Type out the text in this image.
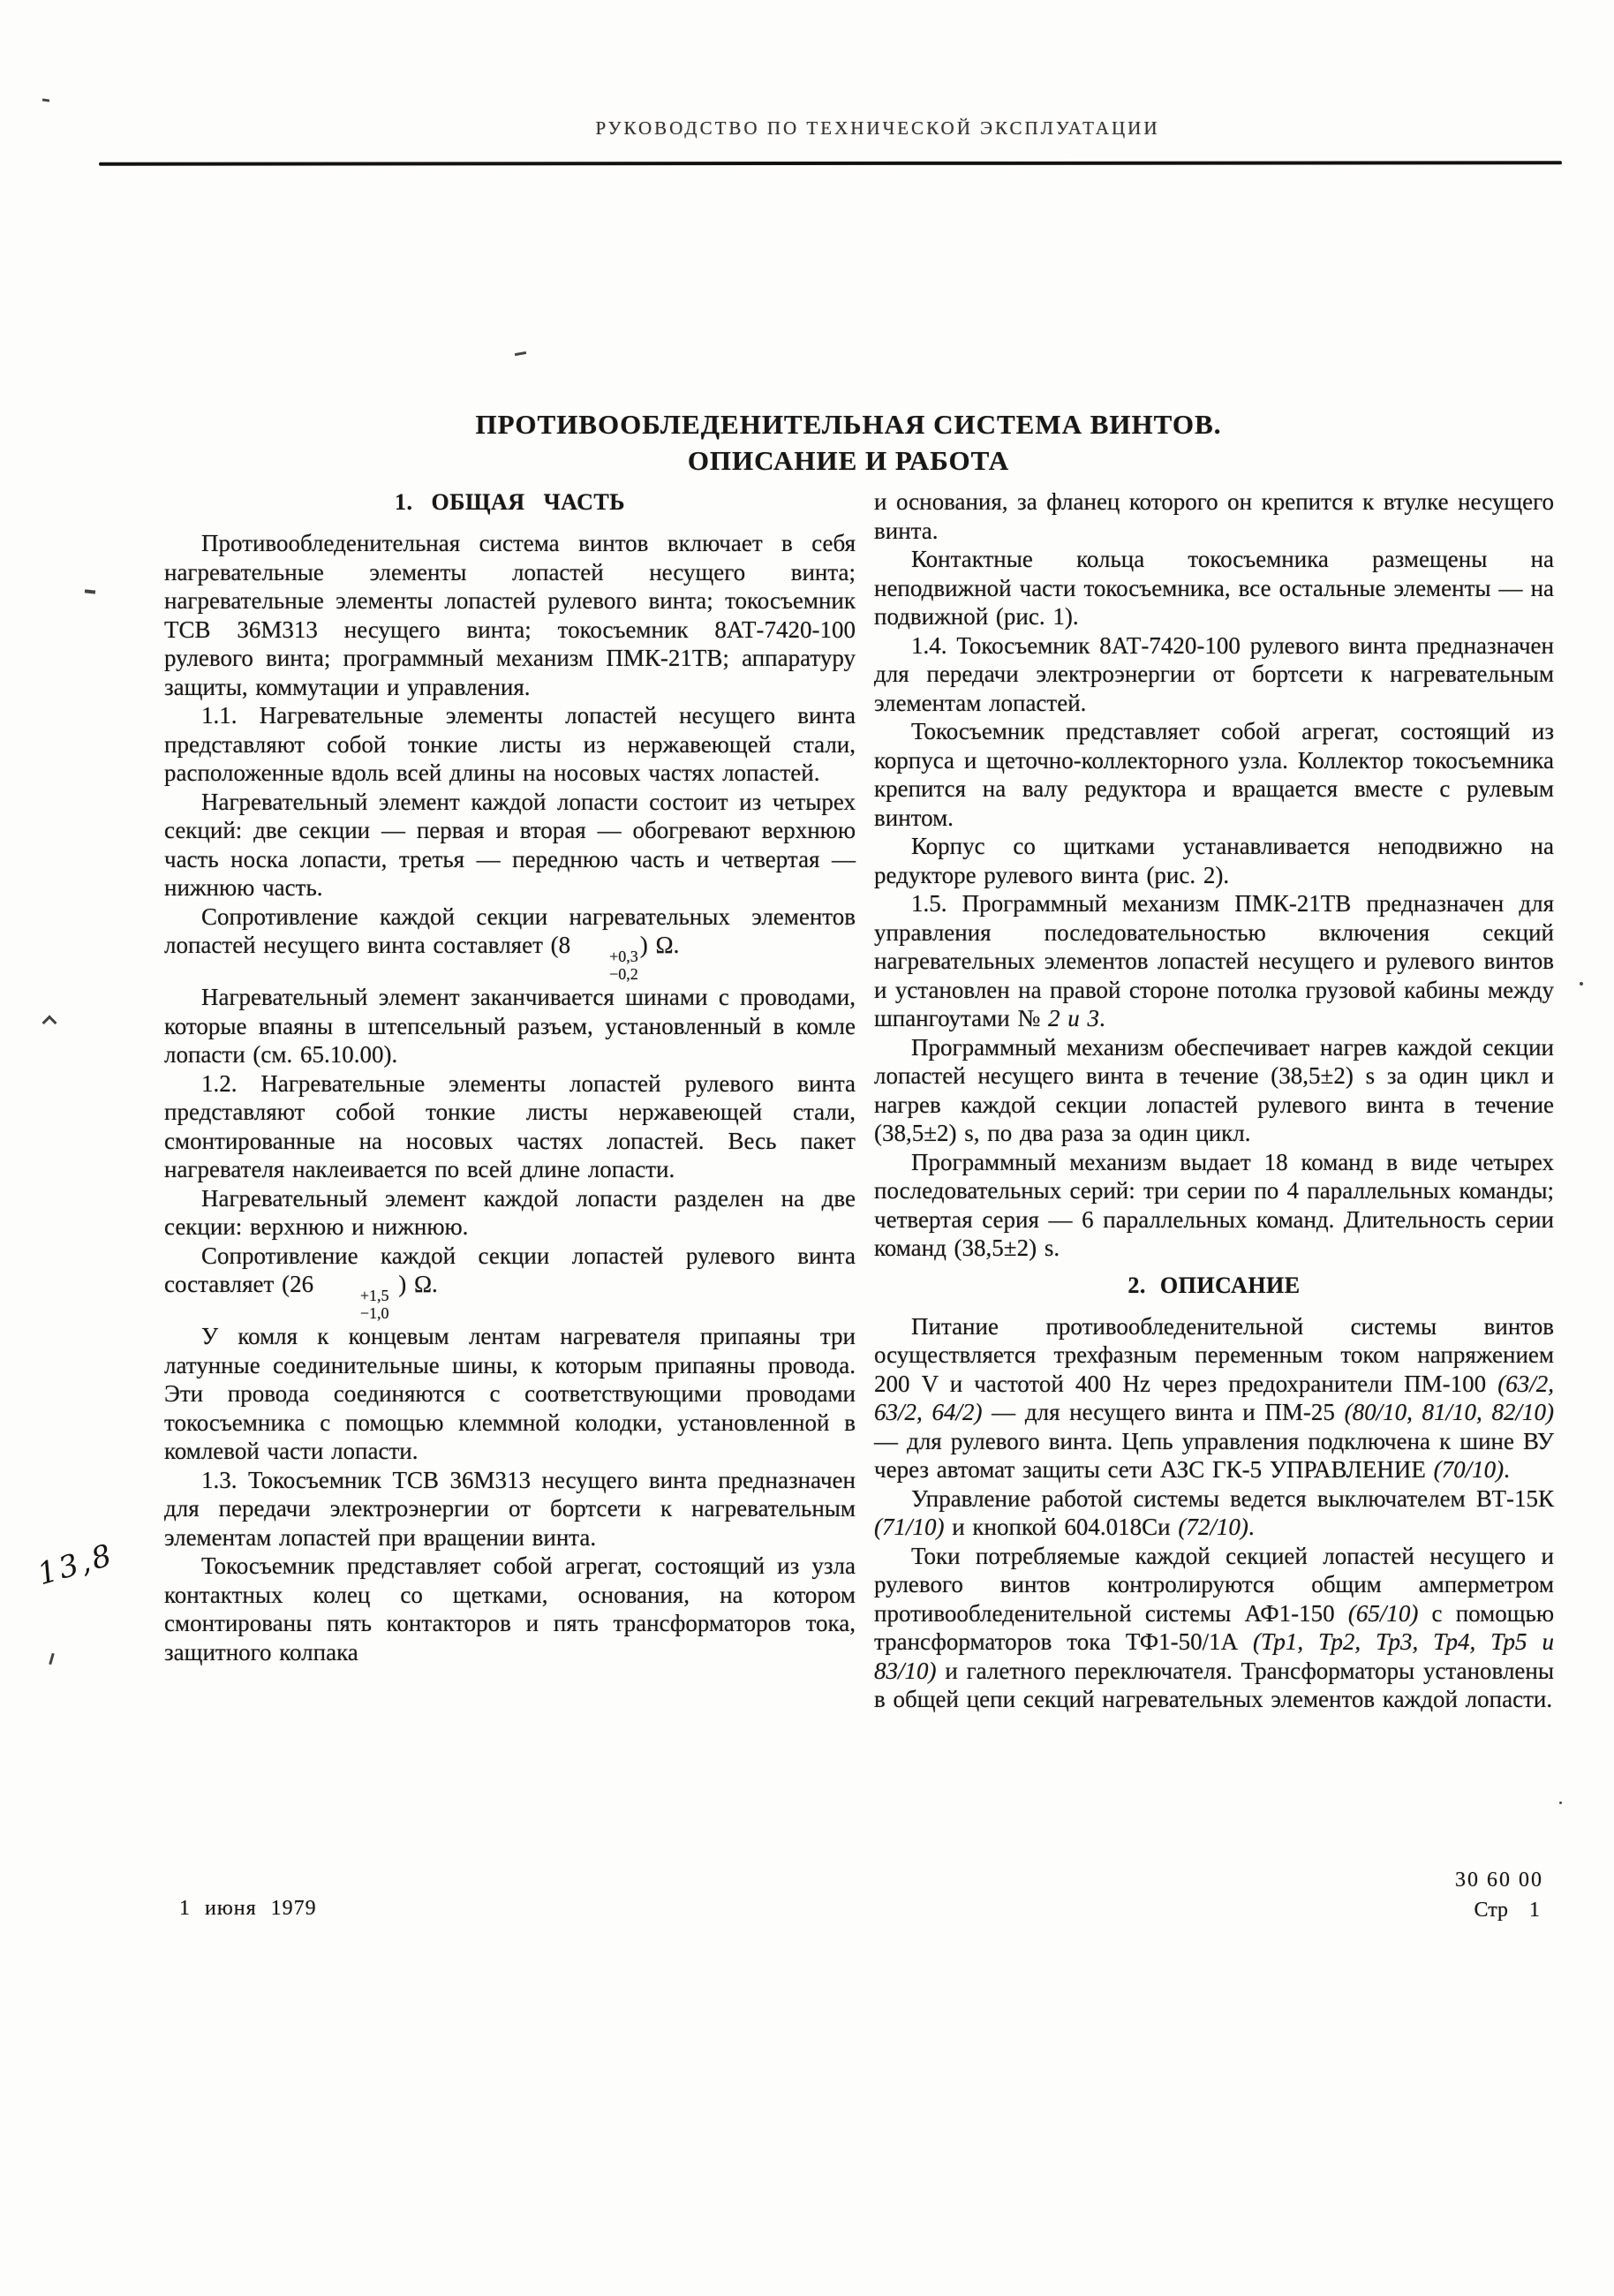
РУКОВОДСТВО ПО ТЕХНИЧЕСКОЙ ЭКСПЛУАТАЦИИ
ПРОТИВООБЛЕДЕНИТЕЛЬНАЯ СИСТЕМА ВИНТОВ.
ОПИСАНИЕ И РАБОТА
1. ОБЩАЯ ЧАСТЬ

Противообледенительная система винтов включает в себя нагревательные элементы лопастей несущего винта; нагревательные элементы лопастей рулевого винта; токосъемник ТСВ 36М313 несущего винта; токосъемник 8АТ-7420-100 рулевого винта; программный механизм ПМК-21ТВ; аппаратуру защиты, коммутации и управления.

1.1. Нагревательные элементы лопастей несущего винта представляют собой тонкие листы из нержавеющей стали, расположенные вдоль всей длины на носовых частях лопастей.

Нагревательный элемент каждой лопасти состоит из четырех секций: две секции — первая и вторая — обогревают верхнюю часть носка лопасти, третья — переднюю часть и четвертая — нижнюю часть.

Сопротивление каждой секции нагревательных элементов лопастей несущего винта составляет (8	+0,3
−0,2
) Ω.

Нагревательный элемент заканчивается шинами с проводами, которые впаяны в штепсельный разъем, установленный в комле лопасти (см. 65.10.00).

1.2. Нагревательные элементы лопастей рулевого винта представляют собой тонкие листы нержавеющей стали, смонтированные на носовых частях лопастей. Весь пакет нагревателя наклеивается по всей длине лопасти.

Нагревательный элемент каждой лопасти разделен на две секции: верхнюю и нижнюю.

Сопротивление каждой секции лопастей рулевого винта составляет (26	+1,5
−1,0
) Ω.

У комля к концевым лентам нагревателя припаяны три латунные соединительные шины, к которым припаяны провода. Эти провода соединяются с соответствующими проводами токосъемника с помощью клеммной колодки, установленной в комлевой части лопасти.

1.3. Токосъемник ТСВ 36М313 несущего винта предназначен для передачи электроэнергии от бортсети к нагревательным элементам лопастей при вращении винта.

Токосъемник представляет собой агрегат, состоящий из узла контактных колец со щетками, основания, на котором смонтированы пять контакторов и пять трансформаторов тока, защитного колпака

и основания, за фланец которого он крепится к втулке несущего винта.

Контактные кольца токосъемника размещены на неподвижной части токосъемника, все остальные элементы — на подвижной (рис. 1).

1.4. Токосъемник 8АТ-7420-100 рулевого винта предназначен для передачи электроэнергии от бортсети к нагревательным элементам лопастей.

Токосъемник представляет собой агрегат, состоящий из корпуса и щеточно-коллекторного узла. Коллектор токосъемника крепится на валу редуктора и вращается вместе с рулевым винтом.

Корпус со щитками устанавливается неподвижно на редукторе рулевого винта (рис. 2).

1.5. Программный механизм ПМК-21ТВ предназначен для управления последовательностью включения секций нагревательных элементов лопастей несущего и рулевого винтов и установлен на правой стороне потолка грузовой кабины между шпангоутами № 2 и 3.

Программный механизм обеспечивает нагрев каждой секции лопастей несущего винта в течение (38,5±2) s за один цикл и нагрев каждой секции лопастей рулевого винта в течение (38,5±2) s, по два раза за один цикл.

Программный механизм выдает 18 команд в виде четырех последовательных серий: три серии по 4 параллельных команды; четвертая серия — 6 параллельных команд. Длительность серии команд (38,5±2) s.

2. ОПИСАНИЕ

Питание противообледенительной системы винтов осуществляется трехфазным переменным током напряжением 200 V и частотой 400 Hz через предохранители ПМ-100 (63/2, 63/2, 64/2) — для несущего винта и ПМ-25 (80/10, 81/10, 82/10) — для рулевого винта. Цепь управления подключена к шине ВУ через автомат защиты сети АЗС ГК-5 УПРАВЛЕНИЕ (70/10).

Управление работой системы ведется выключателем ВТ-15К (71/10) и кнопкой 604.018Си (72/10).

Токи потребляемые каждой секцией лопастей несущего и рулевого винтов контролируются общим амперметром противообледенительной системы АФ1-150 (65/10) с помощью трансформаторов тока ТФ1-50/1А (Тр1, Тр2, Тр3, Тр4, Тр5 и 83/10) и галетного переключателя. Трансформаторы установлены в общей цепи секций нагревательных элементов каждой лопасти.

1 июня 1979
30 60 00
Стр 1
13,8
